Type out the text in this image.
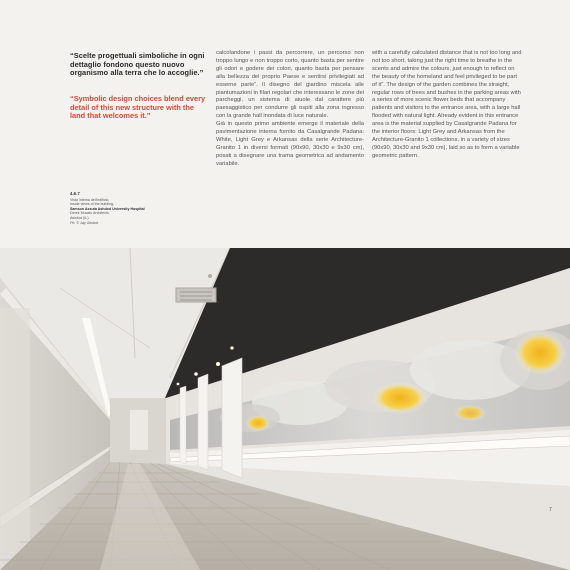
“Scelte progettuali simboliche in ogni dettaglio fondono questo nuovo organismo alla terra che lo accoglie.”
“Symbolic design choices blend every detail of this new structure with the land that welcomes it.”
4.6.7
Vista interna dell'edificio,
Inside views of the building,
Samson Assuta Ashdod University Hospital
Derek Mucalo Architects
Ashdod (IL)
Ph. © Jay Gkobot
calcolandone i passi da percorrere, un percorso non troppo lungo e non troppo corto, quanto basta per sentire gli odori e godere dei colori, quanto basta per pensare alla bellezza del proprio Paese e sentirsi privilegiati ad esserne parte”. Il disegno del giardino miscela alle piantumazioni in filari regolari che interessano le zone dei parcheggi, un sistema di aiuole dal carattere più paesaggistico per condurre gli ospiti alla zona ingresso con la grande hall inondata di luce naturale.
Già in questo primo ambiente emerge il materiale della pavimentazione interna fornito da Casalgrande Padana: White, Light Grey e Arkansas della serie Architecture-Granito 1 in diversi formati (90x90, 30x30 e 9x30 cm), posati a disegnare una trama geometrica ad andamento variabile.
with a carefully calculated distance that is not too long and not too short, taking just the right time to breathe in the scents and admire the colours, just enough to reflect on the beauty of the homeland and feel privileged to be part of it”. The design of the garden combines the straight, regular rows of trees and bushes in the parking areas with a series of more scenic flower beds that accompany patients and visitors to the entrance area, with a large hall flooded with natural light. Already evident in this entrance area is the material supplied by Casalgrande Padana for the interior floors: Light Grey and Arkansas from the Architecture-Granito 1 collections, in a variety of sizes (90x90, 30x30 and 9x30 cm), laid so as to form a variable geometric pattern.
7
